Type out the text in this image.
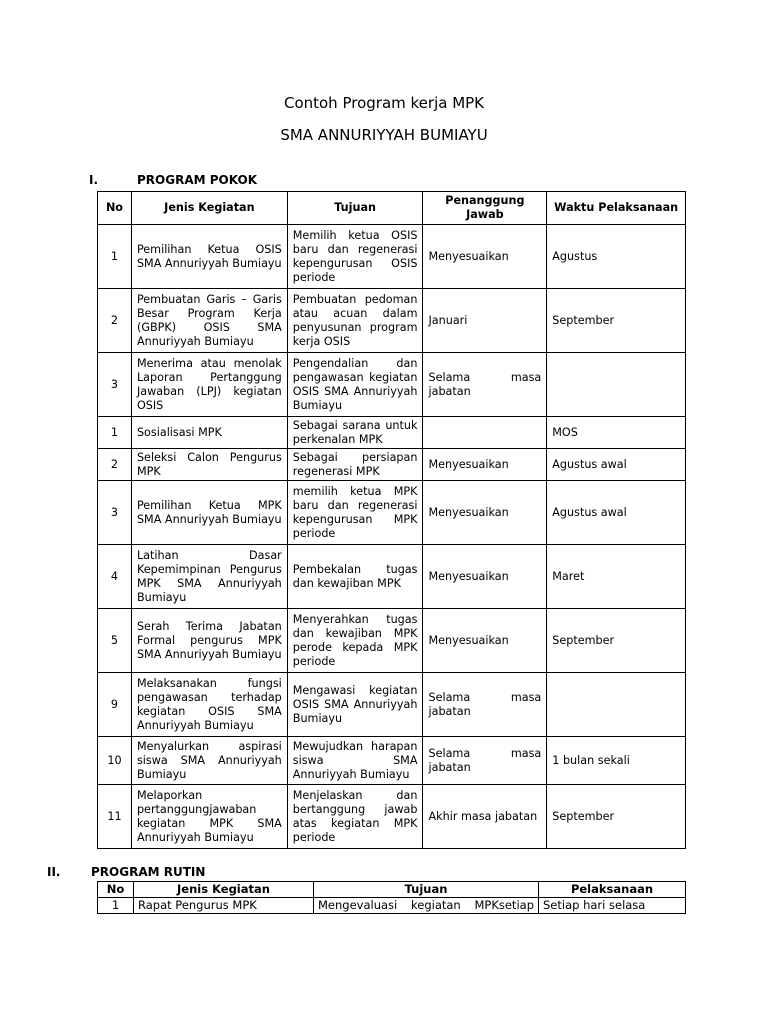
Contoh Program kerja MPK
SMA ANNURIYYAH BUMIAYU
I.	PROGRAM POKOK
No	Jenis Kegiatan	Tujuan	Penanggung Jawab	Waktu Pelaksanaan
1	Pemilihan Ketua OSIS SMA Annuriyyah Bumiayu	Memilih ketua OSIS baru dan regenerasi kepengurusan OSIS periode	Menyesuaikan	Agustus
2	Pembuatan Garis – Garis Besar Program Kerja (GBPK) OSIS SMA Annuriyyah Bumiayu	Pembuatan pedoman atau acuan dalam penyusunan program kerja OSIS	Januari	September
3	Menerima atau menolak Laporan Pertanggung Jawaban (LPJ) kegiatan OSIS	Pengendalian dan pengawasan kegiatan OSIS SMA Annuriyyah Bumiayu	Selama masa jabatan	
1	Sosialisasi MPK	Sebagai sarana untuk perkenalan MPK		MOS
2	Seleksi Calon Pengurus MPK	Sebagai persiapan regenerasi MPK	Menyesuaikan	Agustus awal
3	Pemilihan Ketua MPK SMA Annuriyyah Bumiayu	memilih ketua MPK baru dan regenerasi kepengurusan MPK periode	Menyesuaikan	Agustus awal
4	Latihan Dasar Kepemimpinan Pengurus MPK SMA Annuriyyah Bumiayu	Pembekalan tugas dan kewajiban MPK	Menyesuaikan	Maret
5	Serah Terima Jabatan Formal pengurus MPK SMA Annuriyyah Bumiayu	Menyerahkan tugas dan kewajiban MPK perode kepada MPK periode	Menyesuaikan	September
9	Melaksanakan fungsi pengawasan terhadap kegiatan OSIS SMA Annuriyyah Bumiayu	Mengawasi kegiatan OSIS SMA Annuriyyah Bumiayu	Selama masa jabatan	
10	Menyalurkan aspirasi siswa SMA Annuriyyah Bumiayu	Mewujudkan harapan siswa SMA Annuriyyah Bumiayu	Selama masa jabatan	1 bulan sekali
11	Melaporkan pertanggungjawaban kegiatan MPK SMA Annuriyyah Bumiayu	Menjelaskan dan bertanggung jawab atas kegiatan MPK periode	Akhir masa jabatan	September
II.	PROGRAM RUTIN
No	Jenis Kegiatan	Tujuan	Pelaksanaan
1	Rapat Pengurus MPK	Mengevaluasi kegiatan MPKsetiap	Setiap hari selasa
